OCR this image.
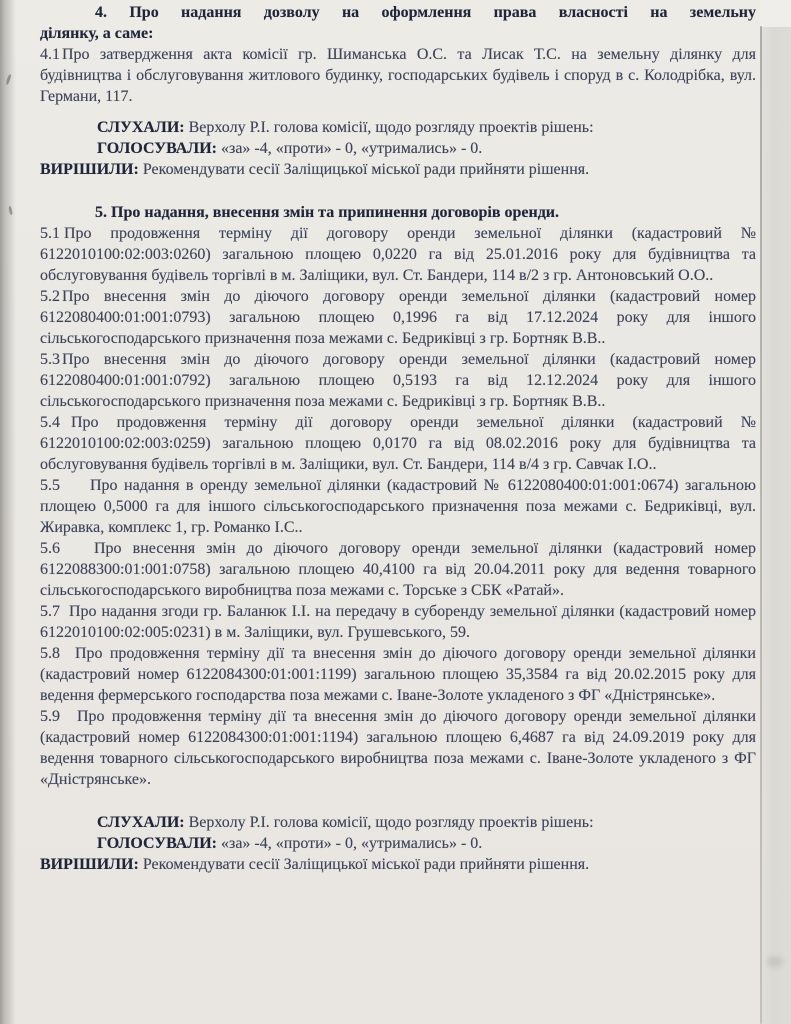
4. Про надання дозволу на оформлення права власності на земельну

ділянку, а саме:

4.1 Про затвердження акта комісії гр. Шиманська О.С. та Лисак Т.С. на земельну ділянку для будівництва і обслуговування житлового будинку, господарських будівель і споруд в с. Колодрібка, вул. Германи, 117.

СЛУХАЛИ: Верхолу Р.І. голова комісії, щодо розгляду проектів рішень:

ГОЛОСУВАЛИ: «за» -4, «проти» - 0, «утримались» - 0.

ВИРІШИЛИ: Рекомендувати сесії Заліщицької міської ради прийняти рішення.

5. Про надання, внесення змін та припинення договорів оренди.

5.1 Про продовження терміну дії договору оренди земельної ділянки (кадастровий № 6122010100:02:003:0260) загальною площею 0,0220 га від 25.01.2016 року для будівництва та обслуговування будівель торгівлі в м. Заліщики, вул. Ст. Бандери, 114 в/2 з гр. Антоновський О.О..

5.2 Про внесення змін до діючого договору оренди земельної ділянки (кадастровий номер 6122080400:01:001:0793) загальною площею 0,1996 га від 17.12.2024 року для іншого сільськогосподарського призначення поза межами с. Бедриківці з гр. Бортняк В.В..

5.3 Про внесення змін до діючого договору оренди земельної ділянки (кадастровий номер 6122080400:01:001:0792) загальною площею 0,5193 га від 12.12.2024 року для іншого сільськогосподарського призначення поза межами с. Бедриківці з гр. Бортняк В.В..

5.4 Про продовження терміну дії договору оренди земельної ділянки (кадастровий № 6122010100:02:003:0259) загальною площею 0,0170 га від 08.02.2016 року для будівництва та обслуговування будівель торгівлі в м. Заліщики, вул. Ст. Бандери, 114 в/4 з гр. Савчак І.О..

5.5 Про надання в оренду земельної ділянки (кадастровий № 6122080400:01:001:0674) загальною площею 0,5000 га для іншого сільськогосподарського призначення поза межами с. Бедриківці, вул. Жиравка, комплекс 1, гр. Романко І.С..

5.6 Про внесення змін до діючого договору оренди земельної ділянки (кадастровий номер 6122088300:01:001:0758) загальною площею 40,4100 га від 20.04.2011 року для ведення товарного сільськогосподарського виробництва поза межами с. Торське з СБК «Ратай».

5.7 Про надання згоди гр. Баланюк І.І. на передачу в суборенду земельної ділянки (кадастровий номер 6122010100:02:005:0231) в м. Заліщики, вул. Грушевського, 59.

5.8 Про продовження терміну дії та внесення змін до діючого договору оренди земельної ділянки (кадастровий номер 6122084300:01:001:1199) загальною площею 35,3584 га від 20.02.2015 року для ведення фермерського господарства поза межами с. Іване-Золоте укладеного з ФГ «Дністрянське».

5.9 Про продовження терміну дії та внесення змін до діючого договору оренди земельної ділянки (кадастровий номер 6122084300:01:001:1194) загальною площею 6,4687 га від 24.09.2019 року для ведення товарного сільськогосподарського виробництва поза межами с. Іване-Золоте укладеного з ФГ «Дністрянське».

СЛУХАЛИ: Верхолу Р.І. голова комісії, щодо розгляду проектів рішень:

ГОЛОСУВАЛИ: «за» -4, «проти» - 0, «утримались» - 0.

ВИРІШИЛИ: Рекомендувати сесії Заліщицької міської ради прийняти рішення.
